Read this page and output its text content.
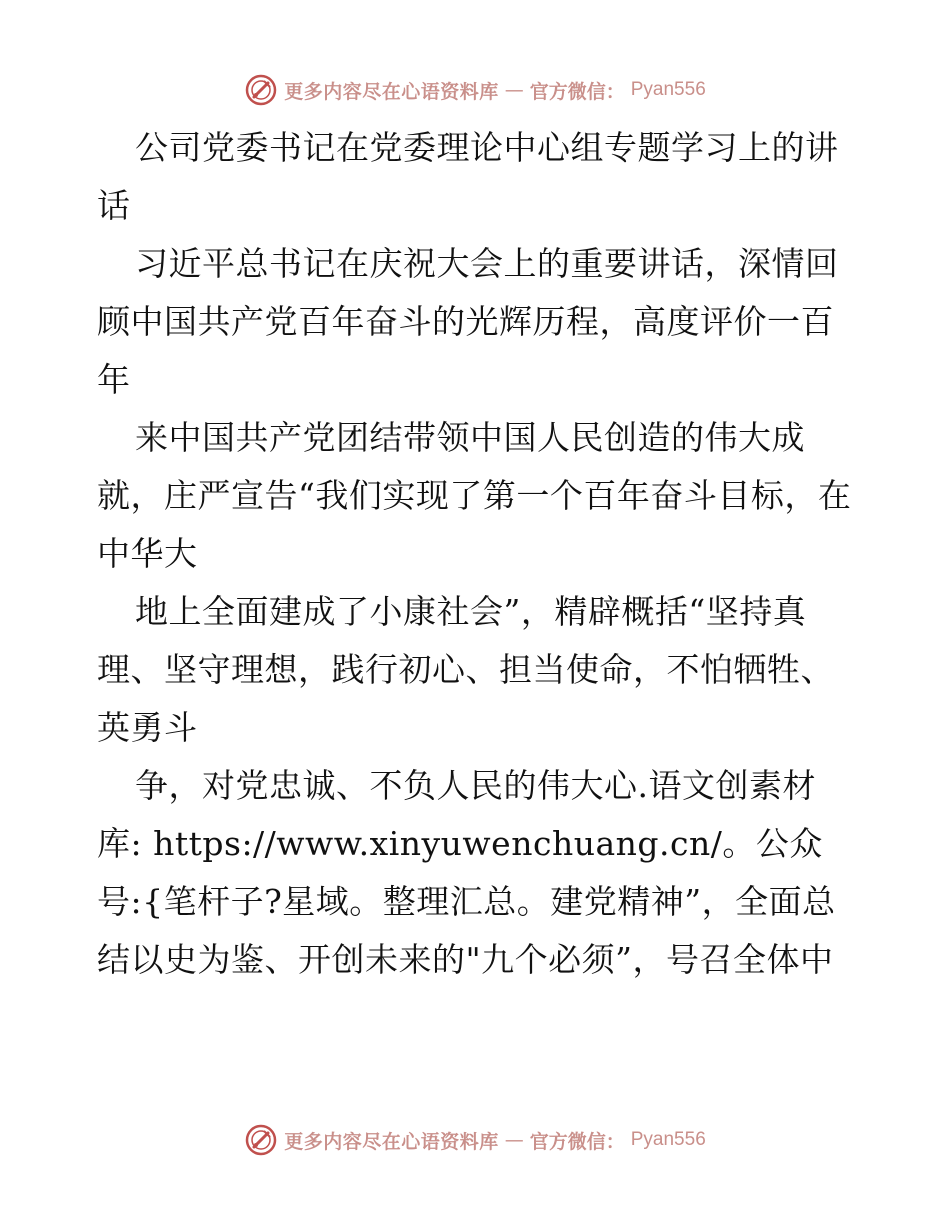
更多内容尽在心语资料库 — 官方微信： Pyan556

公司党委书记在党委理论中心组专题学习上的讲话

习近平总书记在庆祝大会上的重要讲话，深情回顾中国共产党百年奋斗的光辉历程，高度评价一百年

来中国共产党团结带领中国人民创造的伟大成就，庄严宣告“我们实现了第一个百年奋斗目标，在中华大

地上全面建成了小康社会”，精辟概括“坚持真理、坚守理想，践行初心、担当使命，不怕牺牲、英勇斗

争，对党忠诚、不负人民的伟大心.语文创素材库: https://www.xinyuwenchuang.cn/。公众号:{笔杆子?星域。整理汇总。建党精神”，全面总结以史为鉴、开创未来的"九个必须”，号召全体中

更多内容尽在心语资料库 — 官方微信： Pyan556
